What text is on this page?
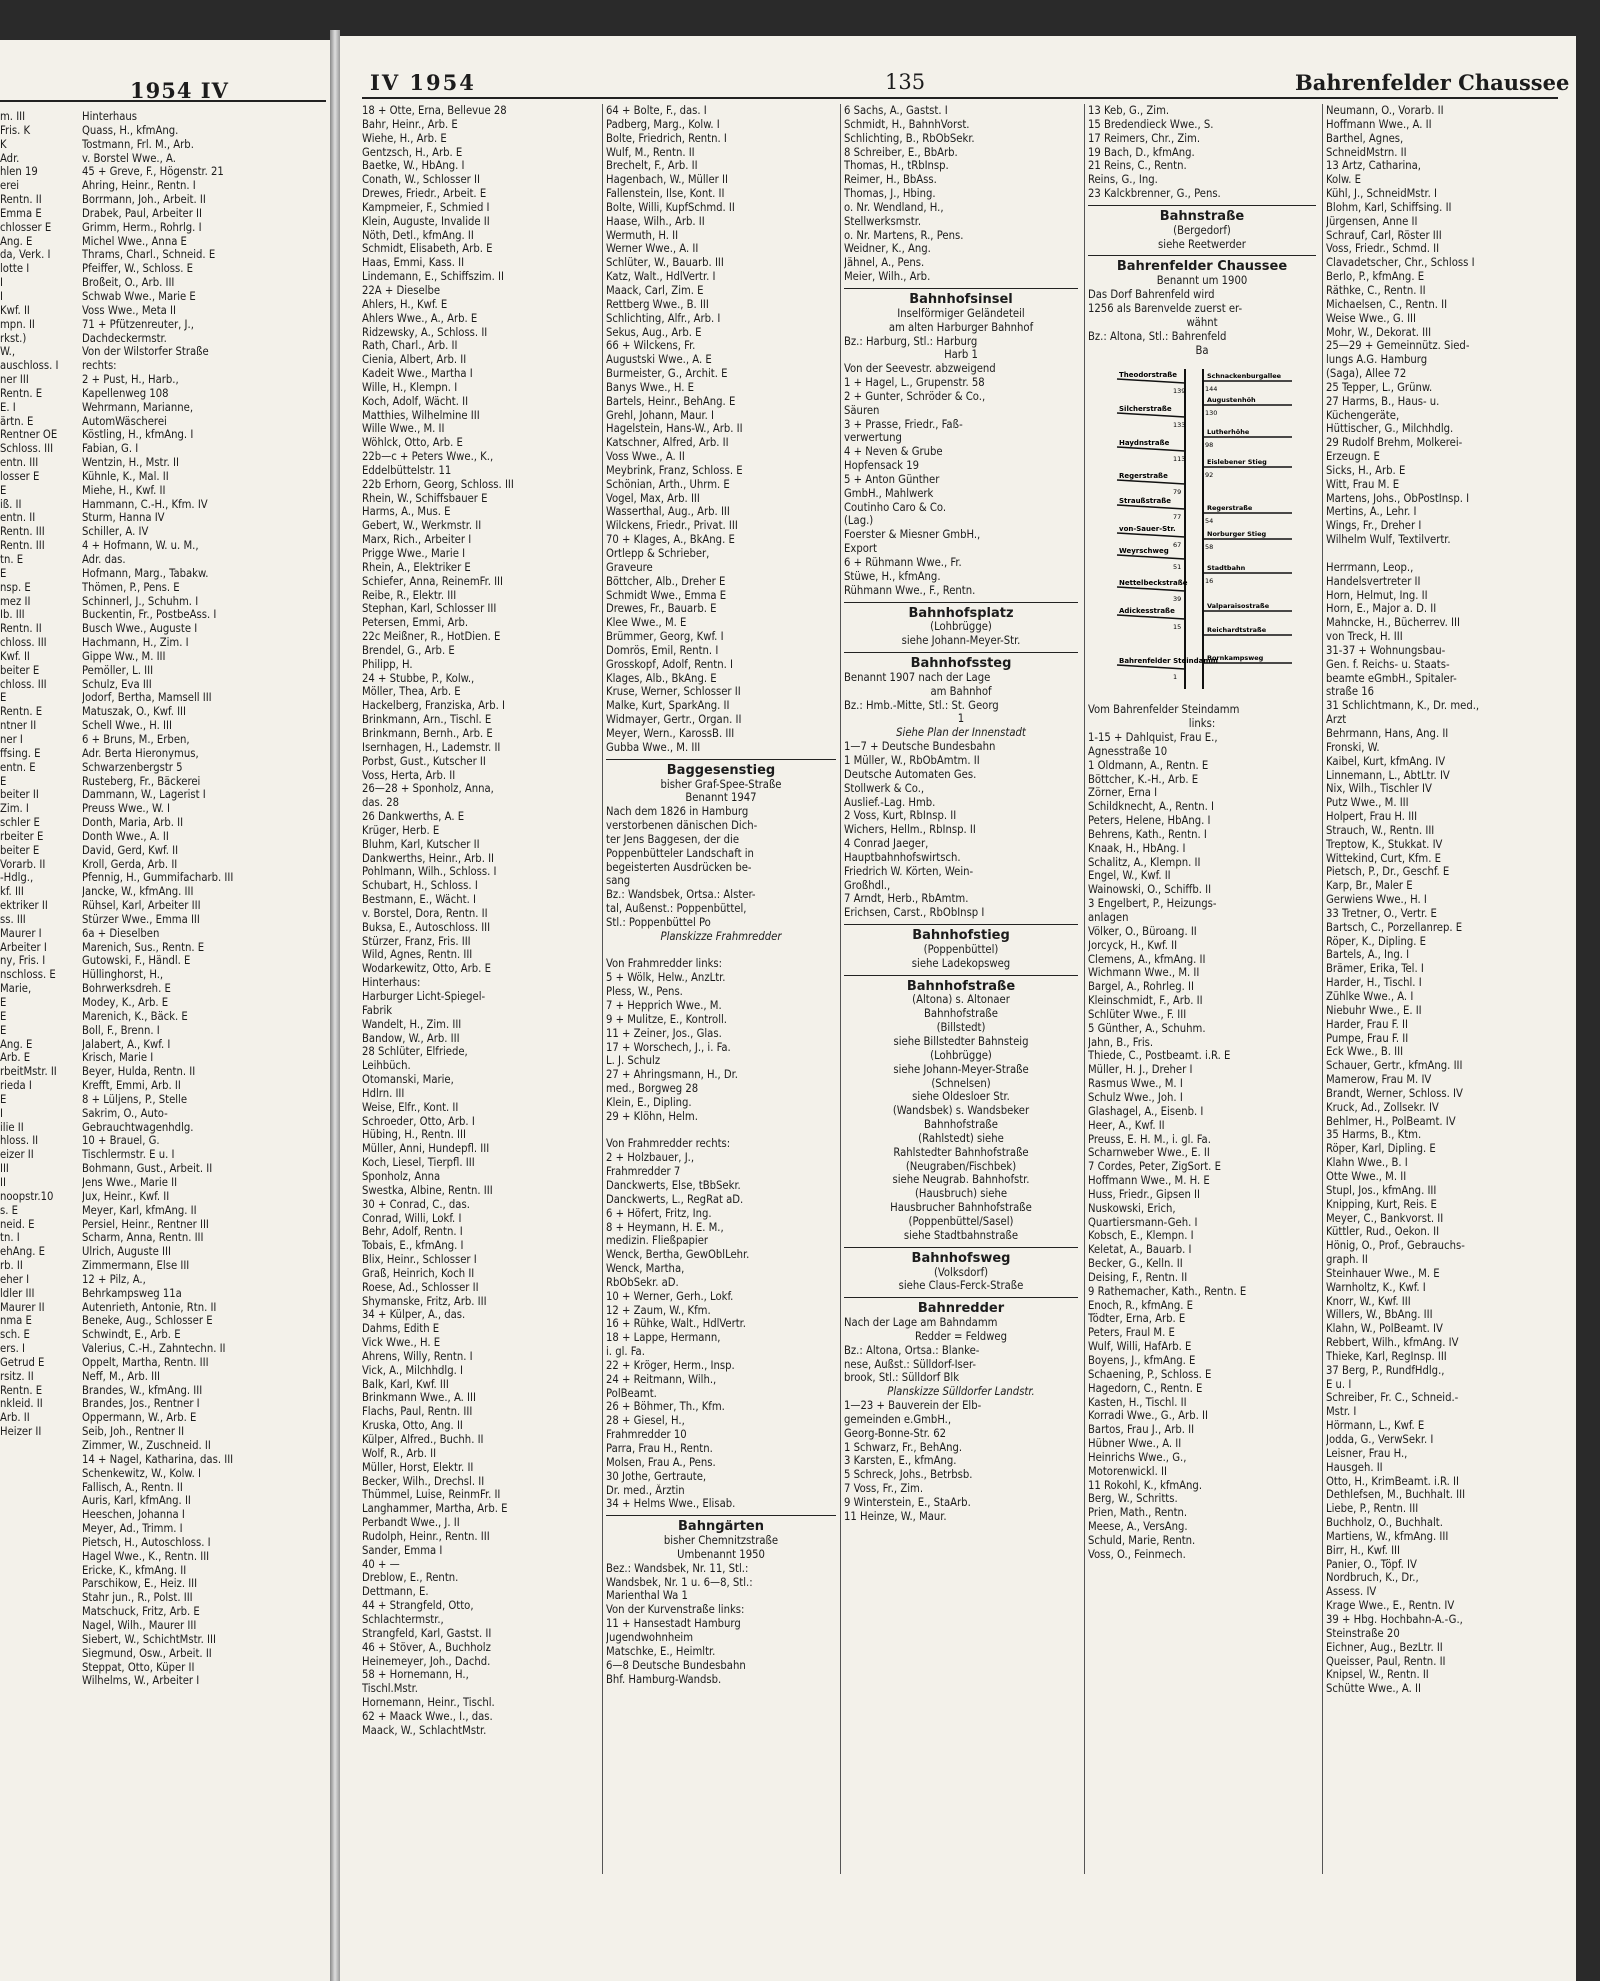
1954 IV
m. III
Fris. K
K
Adr.
hlen 19
erei
Rentn. II
Emma E
chlosser E
Ang. E
da, Verk. I
lotte I
I
I
Kwf. II
mpn. II
rkst.)
W.,
auschloss. I
ner III
Rentn. E
E. I
ärtn. E
Rentner OE
Schloss. III
entn. III
losser E
E
iß. II
entn. II
Rentn. III
Rentn. III
tn. E
E
nsp. E
mez II
Ib. III
Rentn. II
chloss. III
Kwf. II
beiter E
chloss. III
E
Rentn. E
ntner II
ner I
ffsing. E
entn. E
E
beiter II
Zim. I
schler E
rbeiter E
beiter E
Vorarb. II
-Hdlg.,
kf. III
ektriker II
ss. III
Maurer I
Arbeiter I
ny, Fris. I
nschloss. E
Marie,
E
E
E
Ang. E
Arb. E
rbeitMstr. II
rieda I
E
I
ilie II
hloss. II
eizer II
III
II
noopstr.10
s. E
neid. E
tn. I
ehAng. E
rb. II
eher I
ldler III
Maurer II
nma E
sch. E
ers. I
Getrud E
rsitz. II
Rentn. E
nkleid. II
Arb. II
Heizer II
Hinterhaus
Quass, H., kfmAng.
Tostmann, Frl. M., Arb.
v. Borstel Wwe., A.
45 + Greve, F., Högenstr. 21
Ahring, Heinr., Rentn. I
Borrmann, Joh., Arbeit. II
Drabek, Paul, Arbeiter II
Grimm, Herm., Rohrlg. I
Michel Wwe., Anna E
Thrams, Charl., Schneid. E
Pfeiffer, W., Schloss. E
Broßeit, O., Arb. III
Schwab Wwe., Marie E
Voss Wwe., Meta II
71 + Pfützenreuter, J.,
Dachdeckermstr.
Von der Wilstorfer Straße
rechts:
2 + Pust, H., Harb.,
Kapellenweg 108
Wehrmann, Marianne,
AutomWäscherei
Köstling, H., kfmAng. I
Fabian, G. I
Wentzin, H., Mstr. II
Kühnle, K., Mal. II
Miehe, H., Kwf. II
Hammann, C.-H., Kfm. IV
Sturm, Hanna IV
Schiller, A. IV
4 + Hofmann, W. u. M.,
Adr. das.
Hofmann, Marg., Tabakw.
Thömen, P., Pens. E
Schinnerl, J., Schuhm. I
Buckentin, Fr., PostbeAss. I
Busch Wwe., Auguste I
Hachmann, H., Zim. I
Gippe Ww., M. III
Pemöller, L. III
Schulz, Eva III
Jodorf, Bertha, Mamsell III
Matuszak, O., Kwf. III
Schell Wwe., H. III
6 + Bruns, M., Erben,
Adr. Berta Hieronymus,
Schwarzenbergstr 5
Rusteberg, Fr., Bäckerei
Dammann, W., Lagerist I
Preuss Wwe., W. I
Donth, Maria, Arb. II
Donth Wwe., A. II
David, Gerd, Kwf. II
Kroll, Gerda, Arb. II
Pfennig, H., Gummifacharb. III
Jancke, W., kfmAng. III
Rühsel, Karl, Arbeiter III
Stürzer Wwe., Emma III
6a + Dieselben
Marenich, Sus., Rentn. E
Gutowski, F., Händl. E
Hüllinghorst, H.,
Bohrwerksdreh. E
Modey, K., Arb. E
Marenich, K., Bäck. E
Boll, F., Brenn. I
Jalabert, A., Kwf. I
Krisch, Marie I
Beyer, Hulda, Rentn. II
Krefft, Emmi, Arb. II
8 + Lüljens, P., Stelle
Sakrim, O., Auto-
Gebrauchtwagenhdlg.
10 + Brauel, G.
Tischlermstr. E u. I
Bohmann, Gust., Arbeit. II
Jens Wwe., Marie II
Jux, Heinr., Kwf. II
Meyer, Karl, kfmAng. II
Persiel, Heinr., Rentner III
Scharm, Anna, Rentn. III
Ulrich, Auguste III
Zimmermann, Else III
12 + Pilz, A.,
Behrkampsweg 11a
Autenrieth, Antonie, Rtn. II
Beneke, Aug., Schlosser E
Schwindt, E., Arb. E
Valerius, C.-H., Zahntechn. II
Oppelt, Martha, Rentn. III
Neff, M., Arb. III
Brandes, W., kfmAng. III
Brandes, Jos., Rentner I
Oppermann, W., Arb. E
Seib, Joh., Rentner II
Zimmer, W., Zuschneid. II
14 + Nagel, Katharina, das. III
Schenkewitz, W., Kolw. I
Fallisch, A., Rentn. II
Auris, Karl, kfmAng. II
Heeschen, Johanna I
Meyer, Ad., Trimm. I
Pietsch, H., Autoschloss. I
Hagel Wwe., K., Rentn. III
Ericke, K., kfmAng. II
Parschikow, E., Heiz. III
Stahr jun., R., Polst. III
Matschuck, Fritz, Arb. E
Nagel, Wilh., Maurer III
Siebert, W., SchichtMstr. III
Siegmund, Osw., Arbeit. II
Steppat, Otto, Küper II
Wilhelms, W., Arbeiter I
IV 1954	135	Bahrenfelder Chaussee
18 + Otte, Erna, Bellevue 28
Bahr, Heinr., Arb. E
Wiehe, H., Arb. E
Gentzsch, H., Arb. E
Baetke, W., HbAng. I
Conath, W., Schlosser II
Drewes, Friedr., Arbeit. E
Kampmeier, F., Schmied I
Klein, Auguste, Invalide II
Nöth, Detl., kfmAng. II
Schmidt, Elisabeth, Arb. E
Haas, Emmi, Kass. II
Lindemann, E., Schiffszim. II
22A + Dieselbe
Ahlers, H., Kwf. E
Ahlers Wwe., A., Arb. E
Ridzewsky, A., Schloss. II
Rath, Charl., Arb. II
Cienia, Albert, Arb. II
Kadeit Wwe., Martha I
Wille, H., Klempn. I
Koch, Adolf, Wächt. II
Matthies, Wilhelmine III
Wille Wwe., M. II
Wöhlck, Otto, Arb. E
22b—c + Peters Wwe., K.,
Eddelbüttelstr. 11
22b Erhorn, Georg, Schloss. III
Rhein, W., Schiffsbauer E
Harms, A., Mus. E
Gebert, W., Werkmstr. II
Marx, Rich., Arbeiter I
Prigge Wwe., Marie I
Rhein, A., Elektriker E
Schiefer, Anna, ReinemFr. III
Reibe, R., Elektr. III
Stephan, Karl, Schlosser III
Petersen, Emmi, Arb.
22c Meißner, R., HotDien. E
Brendel, G., Arb. E
Philipp, H.
24 + Stubbe, P., Kolw.,
Möller, Thea, Arb. E
Hackelberg, Franziska, Arb. I
Brinkmann, Arn., Tischl. E
Brinkmann, Bernh., Arb. E
Isernhagen, H., Lademstr. II
Porbst, Gust., Kutscher II
Voss, Herta, Arb. II
26—28 + Sponholz, Anna,
das. 28
26 Dankwerths, A. E
Krüger, Herb. E
Bluhm, Karl, Kutscher II
Dankwerths, Heinr., Arb. II
Pohlmann, Wilh., Schloss. I
Schubart, H., Schloss. I
Bestmann, E., Wächt. I
v. Borstel, Dora, Rentn. II
Buksa, E., Autoschloss. III
Stürzer, Franz, Fris. III
Wild, Agnes, Rentn. III
Wodarkewitz, Otto, Arb. E
Hinterhaus:
Harburger Licht-Spiegel-
Fabrik
Wandelt, H., Zim. III
Bandow, W., Arb. III
28 Schlüter, Elfriede,
Leihbüch.
Otomanski, Marie,
Hdlrn. III
Weise, Elfr., Kont. II
Schroeder, Otto, Arb. I
Hübing, H., Rentn. III
Müller, Anni, Hundepfl. III
Koch, Liesel, Tierpfl. III
Sponholz, Anna
Swestka, Albine, Rentn. III
30 + Conrad, C., das.
Conrad, Willi, Lokf. I
Behr, Adolf, Rentn. I
Tobais, E., kfmAng. I
Blix, Heinr., Schlosser I
Graß, Heinrich, Koch II
Roese, Ad., Schlosser II
Shymanske, Fritz, Arb. III
34 + Külper, A., das.
Dahms, Edith E
Vick Wwe., H. E
Ahrens, Willy, Rentn. I
Vick, A., Milchhdlg. I
Balk, Karl, Kwf. III
Brinkmann Wwe., A. III
Flachs, Paul, Rentn. III
Kruska, Otto, Ang. II
Külper, Alfred., Buchh. II
Wolf, R., Arb. II
Müller, Horst, Elektr. II
Becker, Wilh., Drechsl. II
Thümmel, Luise, ReinmFr. II
Langhammer, Martha, Arb. E
Perbandt Wwe., J. II
Rudolph, Heinr., Rentn. III
Sander, Emma I
40 + —
Dreblow, E., Rentn.
Dettmann, E.
44 + Strangfeld, Otto,
Schlachtermstr.,
Strangfeld, Karl, Gastst. II
46 + Stöver, A., Buchholz
Heinemeyer, Joh., Dachd.
58 + Hornemann, H.,
Tischl.Mstr.
Hornemann, Heinr., Tischl.
62 + Maack Wwe., I., das.
Maack, W., SchlachtMstr.
64 + Bolte, F., das. I
Padberg, Marg., Kolw. I
Bolte, Friedrich, Rentn. I
Wulf, M., Rentn. II
Brechelt, F., Arb. II
Hagenbach, W., Müller II
Fallenstein, Ilse, Kont. II
Bolte, Willi, KupfSchmd. II
Haase, Wilh., Arb. II
Wermuth, H. II
Werner Wwe., A. II
Schlüter, W., Bauarb. III
Katz, Walt., HdlVertr. I
Maack, Carl, Zim. E
Rettberg Wwe., B. III
Schlichting, Alfr., Arb. I
Sekus, Aug., Arb. E
66 + Wilckens, Fr.
Augustski Wwe., A. E
Burmeister, G., Archit. E
Banys Wwe., H. E
Bartels, Heinr., BehAng. E
Grehl, Johann, Maur. I
Hagelstein, Hans-W., Arb. II
Katschner, Alfred, Arb. II
Voss Wwe., A. II
Meybrink, Franz, Schloss. E
Schönian, Arth., Uhrm. E
Vogel, Max, Arb. III
Wasserthal, Aug., Arb. III
Wilckens, Friedr., Privat. III
70 + Klages, A., BkAng. E
Ortlepp & Schrieber,
Graveure
Böttcher, Alb., Dreher E
Schmidt Wwe., Emma E
Drewes, Fr., Bauarb. E
Klee Wwe., M. E
Brümmer, Georg, Kwf. I
Domrös, Emil, Rentn. I
Grosskopf, Adolf, Rentn. I
Klages, Alb., BkAng. E
Kruse, Werner, Schlosser II
Malke, Kurt, SparkAng. II
Widmayer, Gertr., Organ. II
Meyer, Wern., KarossB. III
Gubba Wwe., M. III
Baggesenstieg
bisher Graf-Spee-Straße
Benannt 1947
Nach dem 1826 in Hamburg
verstorbenen dänischen Dich-
ter Jens Baggesen, der die
Poppenbütteler Landschaft in
begeisterten Ausdrücken be-
sang
Bz.: Wandsbek, Ortsa.: Alster-
tal, Außenst.: Poppenbüttel,
Stl.: Poppenbüttel Po
Planskizze Frahmredder
Von Frahmredder links:
5 + Wölk, Helw., AnzLtr.
Pless, W., Pens.
7 + Hepprich Wwe., M.
9 + Mulitze, E., Kontroll.
11 + Zeiner, Jos., Glas.
17 + Worschech, J., i. Fa.
L. J. Schulz
27 + Ahringsmann, H., Dr.
med., Borgweg 28
Klein, E., Dipling.
29 + Klöhn, Helm.
Von Frahmredder rechts:
2 + Holzbauer, J.,
Frahmredder 7
Danckwerts, Else, tBbSekr.
Danckwerts, L., RegRat aD.
6 + Höfert, Fritz, Ing.
8 + Heymann, H. E. M.,
medizin. Fließpapier
Wenck, Bertha, GewOblLehr.
Wenck, Martha,
RbObSekr. aD.
10 + Werner, Gerh., Lokf.
12 + Zaum, W., Kfm.
16 + Rühke, Walt., HdlVertr.
18 + Lappe, Hermann,
i. gl. Fa.
22 + Kröger, Herm., Insp.
24 + Reitmann, Wilh.,
PolBeamt.
26 + Böhmer, Th., Kfm.
28 + Giesel, H.,
Frahmredder 10
Parra, Frau H., Rentn.
Molsen, Frau A., Pens.
30 Jothe, Gertraute,
Dr. med., Ärztin
34 + Helms Wwe., Elisab.
Bahngärten
bisher Chemnitzstraße
Umbenannt 1950
Bez.: Wandsbek, Nr. 11, Stl.:
Wandsbek, Nr. 1 u. 6—8, Stl.:
Marienthal Wa 1
Von der Kurvenstraße links:
11 + Hansestadt Hamburg
Jugendwohnheim
Matschke, E., Heimltr.
6—8 Deutsche Bundesbahn
Bhf. Hamburg-Wandsb.
6 Sachs, A., Gastst. I
Schmidt, H., BahnhVorst.
Schlichting, B., RbObSekr.
8 Schreiber, E., BbArb.
Thomas, H., tRbInsp.
Reimer, H., BbAss.
Thomas, J., Hbing.
o. Nr. Wendland, H.,
Stellwerksmstr.
o. Nr. Martens, R., Pens.
Weidner, K., Ang.
Jähnel, A., Pens.
Meier, Wilh., Arb.
Bahnhofsinsel
Inselförmiger Geländeteil
am alten Harburger Bahnhof
Bz.: Harburg, Stl.: Harburg
Harb 1
Von der Seevestr. abzweigend
1 + Hagel, L., Grupenstr. 58
2 + Gunter, Schröder & Co.,
Säuren
3 + Prasse, Friedr., Faß-
verwertung
4 + Neven & Grube
Hopfensack 19
5 + Anton Günther
GmbH., Mahlwerk
Coutinho Caro & Co.
(Lag.)
Foerster & Miesner GmbH.,
Export
6 + Rühmann Wwe., Fr.
Stüwe, H., kfmAng.
Rühmann Wwe., F., Rentn.
Bahnhofsplatz
(Lohbrügge)
siehe Johann-Meyer-Str.
Bahnhofssteg
Benannt 1907 nach der Lage
am Bahnhof
Bz.: Hmb.-Mitte, Stl.: St. Georg
1
Siehe Plan der Innenstadt
1—7 + Deutsche Bundesbahn
1 Müller, W., RbObAmtm. II
Deutsche Automaten Ges.
Stollwerk & Co.,
Auslief.-Lag. Hmb.
2 Voss, Kurt, RbInsp. II
Wichers, Hellm., RbInsp. II
4 Conrad Jaeger,
Hauptbahnhofswirtsch.
Friedrich W. Körten, Wein-
Großhdl.,
7 Arndt, Herb., RbAmtm.
Erichsen, Carst., RbObInsp I
Bahnhofstieg
(Poppenbüttel)
siehe Ladekopsweg
Bahnhofstraße
(Altona) s. Altonaer
Bahnhofstraße
(Billstedt)
siehe Billstedter Bahnsteig
(Lohbrügge)
siehe Johann-Meyer-Straße
(Schnelsen)
siehe Oldesloer Str.
(Wandsbek) s. Wandsbeker
Bahnhofstraße
(Rahlstedt) siehe
Rahlstedter Bahnhofstraße
(Neugraben/Fischbek)
siehe Neugrab. Bahnhofstr.
(Hausbruch) siehe
Hausbrucher Bahnhofstraße
(Poppenbüttel/Sasel)
siehe Stadtbahnstraße
Bahnhofsweg
(Volksdorf)
siehe Claus-Ferck-Straße
Bahnredder
Nach der Lage am Bahndamm
Redder = Feldweg
Bz.: Altona, Ortsa.: Blanke-
nese, Außst.: Sülldorf-Iser-
brook, Stl.: Sülldorf Blk
Planskizze Sülldorfer Landstr.
1—23 + Bauverein der Elb-
gemeinden e.GmbH.,
Georg-Bonne-Str. 62
1 Schwarz, Fr., BehAng.
3 Karsten, E., kfmAng.
5 Schreck, Johs., Betrbsb.
7 Voss, Fr., Zim.
9 Winterstein, E., StaArb.
11 Heinze, W., Maur.
13 Keb, G., Zim.
15 Bredendieck Wwe., S.
17 Reimers, Chr., Zim.
19 Bach, D., kfmAng.
21 Reins, C., Rentn.
Reins, G., Ing.
23 Kalckbrenner, G., Pens.
Bahnstraße
(Bergedorf)
siehe Reetwerder
Bahrenfelder Chaussee
Benannt um 1900
Das Dorf Bahrenfeld wird
1256 als Barenvelde zuerst er-
wähnt
Bz.: Altona, Stl.: Bahrenfeld
Ba
Theodorstraße
139
Silcherstraße
133
Haydnstraße
113
Regerstraße
79
Straußstraße
77
von-Sauer-Str.
67
Weyrschweg
51
Nettelbeckstraße
39
Adickesstraße
15
Bahrenfelder Steindamm
1
Schnackenburgallee
144
Augustenhöh
130
Lutherhöhe
98
Eislebener Stieg
92
Regerstraße
54
Norburger Stieg
58
Stadtbahn
16
Valparaisostraße
Reichardtstraße
Bornkampsweg
Vom Bahrenfelder Steindamm
links:
1-15 + Dahlquist, Frau E.,
Agnesstraße 10
1 Oldmann, A., Rentn. E
Böttcher, K.-H., Arb. E
Zörner, Erna I
Schildknecht, A., Rentn. I
Peters, Helene, HbAng. I
Behrens, Kath., Rentn. I
Knaak, H., HbAng. I
Schalitz, A., Klempn. II
Engel, W., Kwf. II
Wainowski, O., Schiffb. II
3 Engelbert, P., Heizungs-
anlagen
Völker, O., Büroang. II
Jorcyck, H., Kwf. II
Clemens, A., kfmAng. II
Wichmann Wwe., M. II
Bargel, A., Rohrleg. II
Kleinschmidt, F., Arb. II
Schlüter Wwe., F. III
5 Günther, A., Schuhm.
Jahn, B., Fris.
Thiede, C., Postbeamt. i.R. E
Müller, H. J., Dreher I
Rasmus Wwe., M. I
Schulz Wwe., Joh. I
Glashagel, A., Eisenb. I
Heer, A., Kwf. II
Preuss, E. H. M., i. gl. Fa.
Scharnweber Wwe., E. II
7 Cordes, Peter, ZigSort. E
Hoffmann Wwe., M. H. E
Huss, Friedr., Gipsen II
Nuskowski, Erich,
Quartiersmann-Geh. I
Kobsch, E., Klempn. I
Keletat, A., Bauarb. I
Becker, G., Kelln. II
Deising, F., Rentn. II
9 Rathemacher, Kath., Rentn. E
Enoch, R., kfmAng. E
Tödter, Erna, Arb. E
Peters, Fraul M. E
Wulf, Willi, HafArb. E
Boyens, J., kfmAng. E
Schaening, P., Schloss. E
Hagedorn, C., Rentn. E
Kasten, H., Tischl. II
Korradi Wwe., G., Arb. II
Bartos, Frau J., Arb. II
Hübner Wwe., A. II
Heinrichs Wwe., G.,
Motorenwickl. II
11 Rokohl, K., kfmAng.
Berg, W., Schritts.
Prien, Math., Rentn.
Meese, A., VersAng.
Schuld, Marie, Rentn.
Voss, O., Feinmech.
Neumann, O., Vorarb. II
Hoffmann Wwe., A. II
Barthel, Agnes,
SchneidMstrn. II
13 Artz, Catharina,
Kolw. E
Kühl, J., SchneidMstr. I
Blohm, Karl, Schiffsing. II
Jürgensen, Anne II
Schrauf, Carl, Röster III
Voss, Friedr., Schmd. II
Clavadetscher, Chr., Schloss I
Berlo, P., kfmAng. E
Räthke, C., Rentn. II
Michaelsen, C., Rentn. II
Weise Wwe., G. III
Mohr, W., Dekorat. III
25—29 + Gemeinnütz. Sied-
lungs A.G. Hamburg
(Saga), Allee 72
25 Tepper, L., Grünw.
27 Harms, B., Haus- u.
Küchengeräte,
Hüttischer, G., Milchhdlg.
29 Rudolf Brehm, Molkerei-
Erzeugn. E
Sicks, H., Arb. E
Witt, Frau M. E
Martens, Johs., ObPostInsp. I
Mertins, A., Lehr. I
Wings, Fr., Dreher I
Wilhelm Wulf, Textilvertr.
Herrmann, Leop.,
Handelsvertreter II
Horn, Helmut, Ing. II
Horn, E., Major a. D. II
Mahncke, H., Bücherrev. III
von Treck, H. III
31-37 + Wohnungsbau-
Gen. f. Reichs- u. Staats-
beamte eGmbH., Spitaler-
straße 16
31 Schlichtmann, K., Dr. med.,
Arzt
Behrmann, Hans, Ang. II
Fronski, W.
Kaibel, Kurt, kfmAng. IV
Linnemann, L., AbtLtr. IV
Nix, Wilh., Tischler IV
Putz Wwe., M. III
Holpert, Frau H. III
Strauch, W., Rentn. III
Treptow, K., Stukkat. IV
Wittekind, Curt, Kfm. E
Pietsch, P., Dr., Geschf. E
Karp, Br., Maler E
Gerwiens Wwe., H. I
33 Tretner, O., Vertr. E
Bartsch, C., Porzellanrep. E
Röper, K., Dipling. E
Bartels, A., Ing. I
Brämer, Erika, Tel. I
Harder, H., Tischl. I
Zühlke Wwe., A. I
Niebuhr Wwe., E. II
Harder, Frau F. II
Pumpe, Frau F. II
Eck Wwe., B. III
Schauer, Gertr., kfmAng. III
Mamerow, Frau M. IV
Brandt, Werner, Schloss. IV
Kruck, Ad., Zollsekr. IV
Behlmer, H., PolBeamt. IV
35 Harms, B., Ktm.
Röper, Karl, Dipling. E
Klahn Wwe., B. I
Otte Wwe., M. II
Stupl, Jos., kfmAng. III
Knipping, Kurt, Reis. E
Meyer, C., Bankvorst. II
Küttler, Rud., Oekon. II
Hönig, O., Prof., Gebrauchs-
graph. II
Steinhauer Wwe., M. E
Warnholtz, K., Kwf. I
Knorr, W., Kwf. III
Willers, W., BbAng. III
Klahn, W., PolBeamt. IV
Rebbert, Wilh., kfmAng. IV
Thieke, Karl, RegInsp. III
37 Berg, P., RundfHdlg.,
E u. I
Schreiber, Fr. C., Schneid.-
Mstr. I
Hörmann, L., Kwf. E
Jodda, G., VerwSekr. I
Leisner, Frau H.,
Hausgeh. II
Otto, H., KrimBeamt. i.R. II
Dethlefsen, M., Buchhalt. III
Liebe, P., Rentn. III
Buchholz, O., Buchhalt.
Martiens, W., kfmAng. III
Birr, H., Kwf. III
Panier, O., Töpf. IV
Nordbruch, K., Dr.,
Assess. IV
Krage Wwe., E., Rentn. IV
39 + Hbg. Hochbahn-A.-G.,
Steinstraße 20
Eichner, Aug., BezLtr. II
Queisser, Paul, Rentn. II
Knipsel, W., Rentn. II
Schütte Wwe., A. II
